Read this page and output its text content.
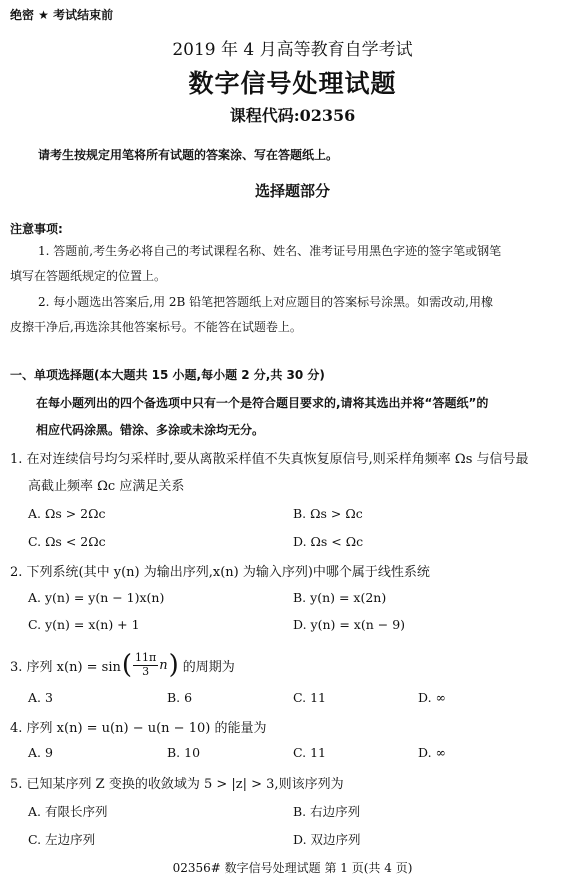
绝密 ★ 考试结束前
2019 年 4 月高等教育自学考试
数字信号处理试题
课程代码:02356
请考生按规定用笔将所有试题的答案涂、写在答题纸上。
选择题部分
注意事项:
1. 答题前,考生务必将自己的考试课程名称、姓名、准考证号用黑色字迹的签字笔或钢笔
填写在答题纸规定的位置上。
2. 每小题选出答案后,用 2B 铅笔把答题纸上对应题目的答案标号涂黑。如需改动,用橡
皮擦干净后,再选涂其他答案标号。不能答在试题卷上。
一、单项选择题(本大题共 15 小题,每小题 2 分,共 30 分)
在每小题列出的四个备选项中只有一个是符合题目要求的,请将其选出并将“答题纸”的
相应代码涂黑。错涂、多涂或未涂均无分。
1. 在对连续信号均匀采样时,要从离散采样值不失真恢复原信号,则采样角频率 Ωs 与信号最
高截止频率 Ωc 应满足关系
A. Ωs > 2Ωc	B. Ωs > Ωc
C. Ωs < 2Ωc	D. Ωs < Ωc
2. 下列系统(其中 y(n) 为输出序列,x(n) 为输入序列)中哪个属于线性系统
A. y(n) = y(n − 1)x(n)	B. y(n) = x(2n)
C. y(n) = x(n) + 1	D. y(n) = x(n − 9)
3. 序列 x(n) = sin ( $\frac{11\pi}{3}$ n ) 的周期为
A. 3	B. 6	C. 11	D. ∞
4. 序列 x(n) = u(n) − u(n − 10) 的能量为
A. 9	B. 10	C. 11	D. ∞
5. 已知某序列 Z 变换的收敛域为 5 > |z| > 3,则该序列为
A. 有限长序列	B. 右边序列
C. 左边序列	D. 双边序列
02356# 数字信号处理试题 第 1 页(共 4 页)
